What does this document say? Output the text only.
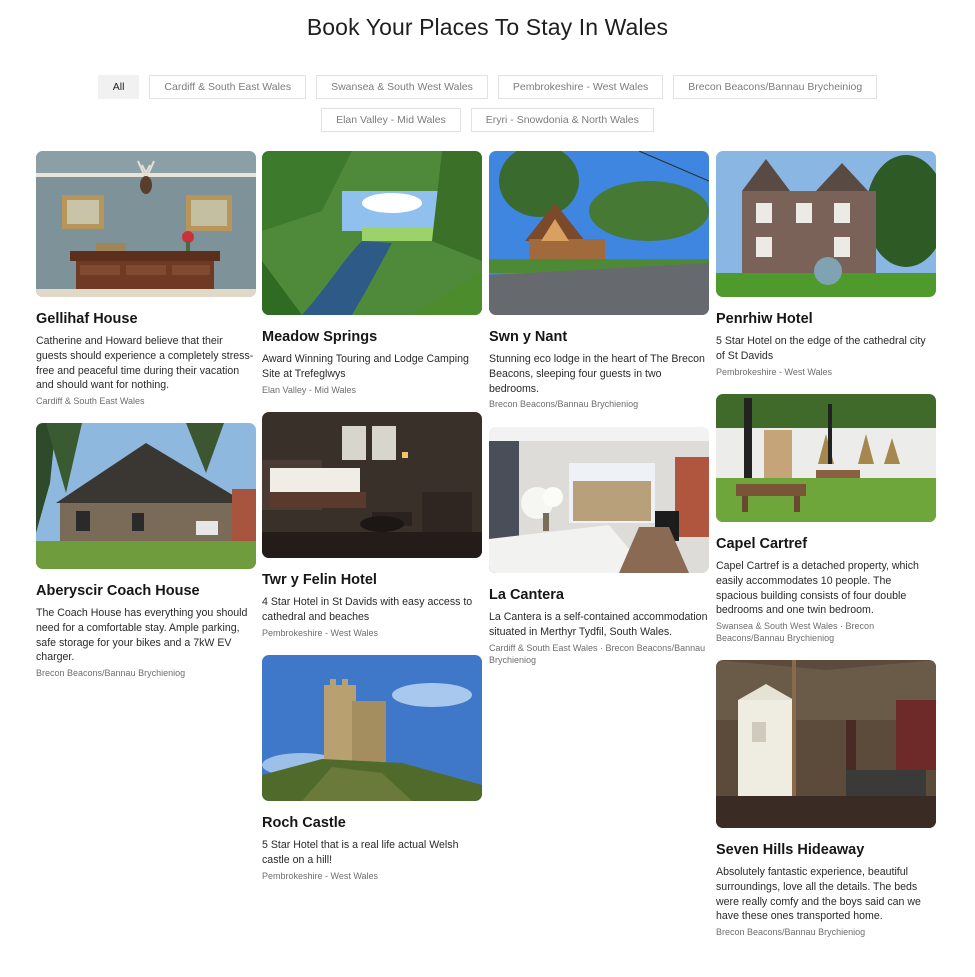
Book Your Places To Stay In Wales
All	Cardiff & South East Wales	Swansea & South West Wales	Pembrokeshire - West Wales	Brecon Beacons/Bannau Brycheiniog
Elan Valley - Mid Wales	Eryri - Snowdonia & North Wales
Gellihaf House
Catherine and Howard believe that their guests should experience a completely stress-free and peaceful time during their vacation and should want for nothing.
Cardiff & South East Wales
Aberyscir Coach House
The Coach House has everything you should need for a comfortable stay. Ample parking, safe storage for your bikes and a 7kW EV charger.
Brecon Beacons/Bannau Brychieniog
Meadow Springs
Award Winning Touring and Lodge Camping Site at Trefeglwys
Elan Valley - Mid Wales
Twr y Felin Hotel
4 Star Hotel in St Davids with easy access to cathedral and beaches
Pembrokeshire - West Wales
Roch Castle
5 Star Hotel that is a real life actual Welsh castle on a hill!
Pembrokeshire - West Wales
Swn y Nant
Stunning eco lodge in the heart of The Brecon Beacons, sleeping four guests in two bedrooms.
Brecon Beacons/Bannau Brychieniog
La Cantera
La Cantera is a self-contained accommodation situated in Merthyr Tydfil, South Wales.
Cardiff & South East Wales · Brecon Beacons/Bannau Brychieniog
Penrhiw Hotel
5 Star Hotel on the edge of the cathedral city of St Davids
Pembrokeshire - West Wales
Capel Cartref
Capel Cartref is a detached property, which easily accommodates 10 people. The spacious building consists of four double bedrooms and one twin bedroom.
Swansea & South West Wales · Brecon Beacons/Bannau Brychieniog
Seven Hills Hideaway
Absolutely fantastic experience, beautiful surroundings, love all the details. The beds were really comfy and the boys said can we have these ones transported home.
Brecon Beacons/Bannau Brychieniog
